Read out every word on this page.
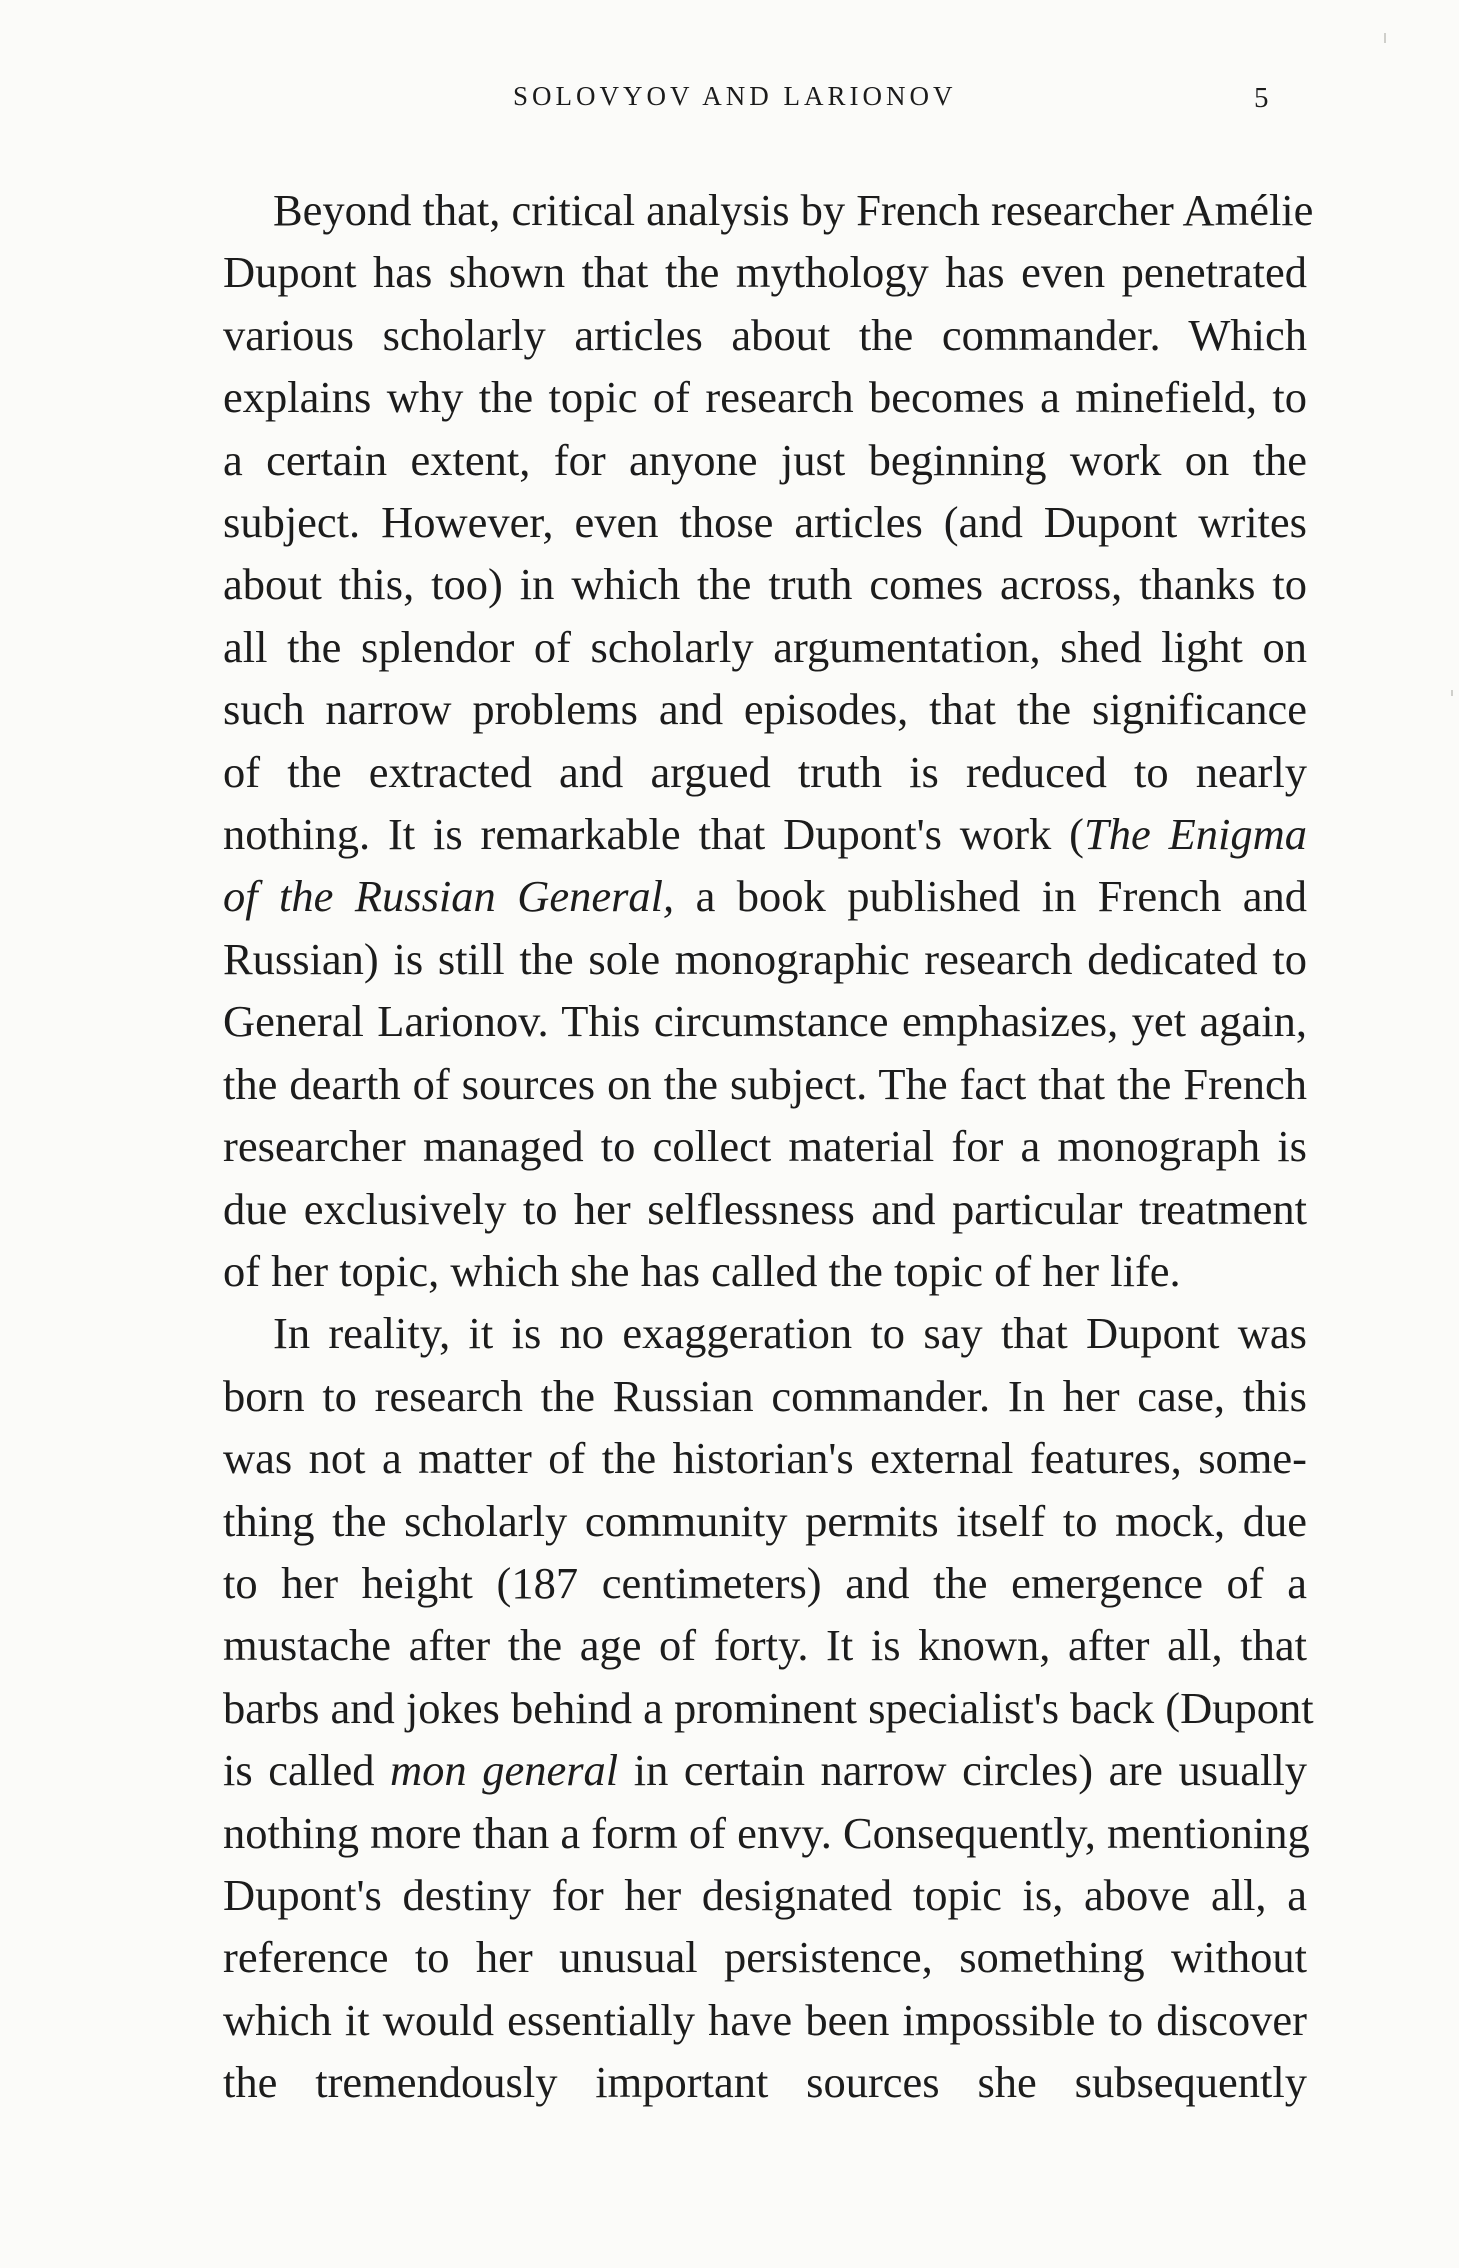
SOLOVYOV AND LARIONOV	5
Beyond that, critical analysis by French researcher Amélie
Dupont has shown that the mythology has even penetrated
various scholarly articles about the commander. Which
explains why the topic of research becomes a minefield, to
a certain extent, for anyone just beginning work on the
subject. However, even those articles (and Dupont writes
about this, too) in which the truth comes across, thanks to
all the splendor of scholarly argumentation, shed light on
such narrow problems and episodes, that the significance
of the extracted and argued truth is reduced to nearly
nothing. It is remarkable that Dupont's work (The Enigma
of the Russian General, a book published in French and
Russian) is still the sole monographic research dedicated to
General Larionov. This circumstance emphasizes, yet again,
the dearth of sources on the subject. The fact that the French
researcher managed to collect material for a monograph is
due exclusively to her selflessness and particular treatment
of her topic, which she has called the topic of her life.
In reality, it is no exaggeration to say that Dupont was
born to research the Russian commander. In her case, this
was not a matter of the historian's external features, some-
thing the scholarly community permits itself to mock, due
to her height (187 centimeters) and the emergence of a
mustache after the age of forty. It is known, after all, that
barbs and jokes behind a prominent specialist's back (Dupont
is called mon general in certain narrow circles) are usually
nothing more than a form of envy. Consequently, mentioning
Dupont's destiny for her designated topic is, above all, a
reference to her unusual persistence, something without
which it would essentially have been impossible to discover
the tremendously important sources she subsequently
